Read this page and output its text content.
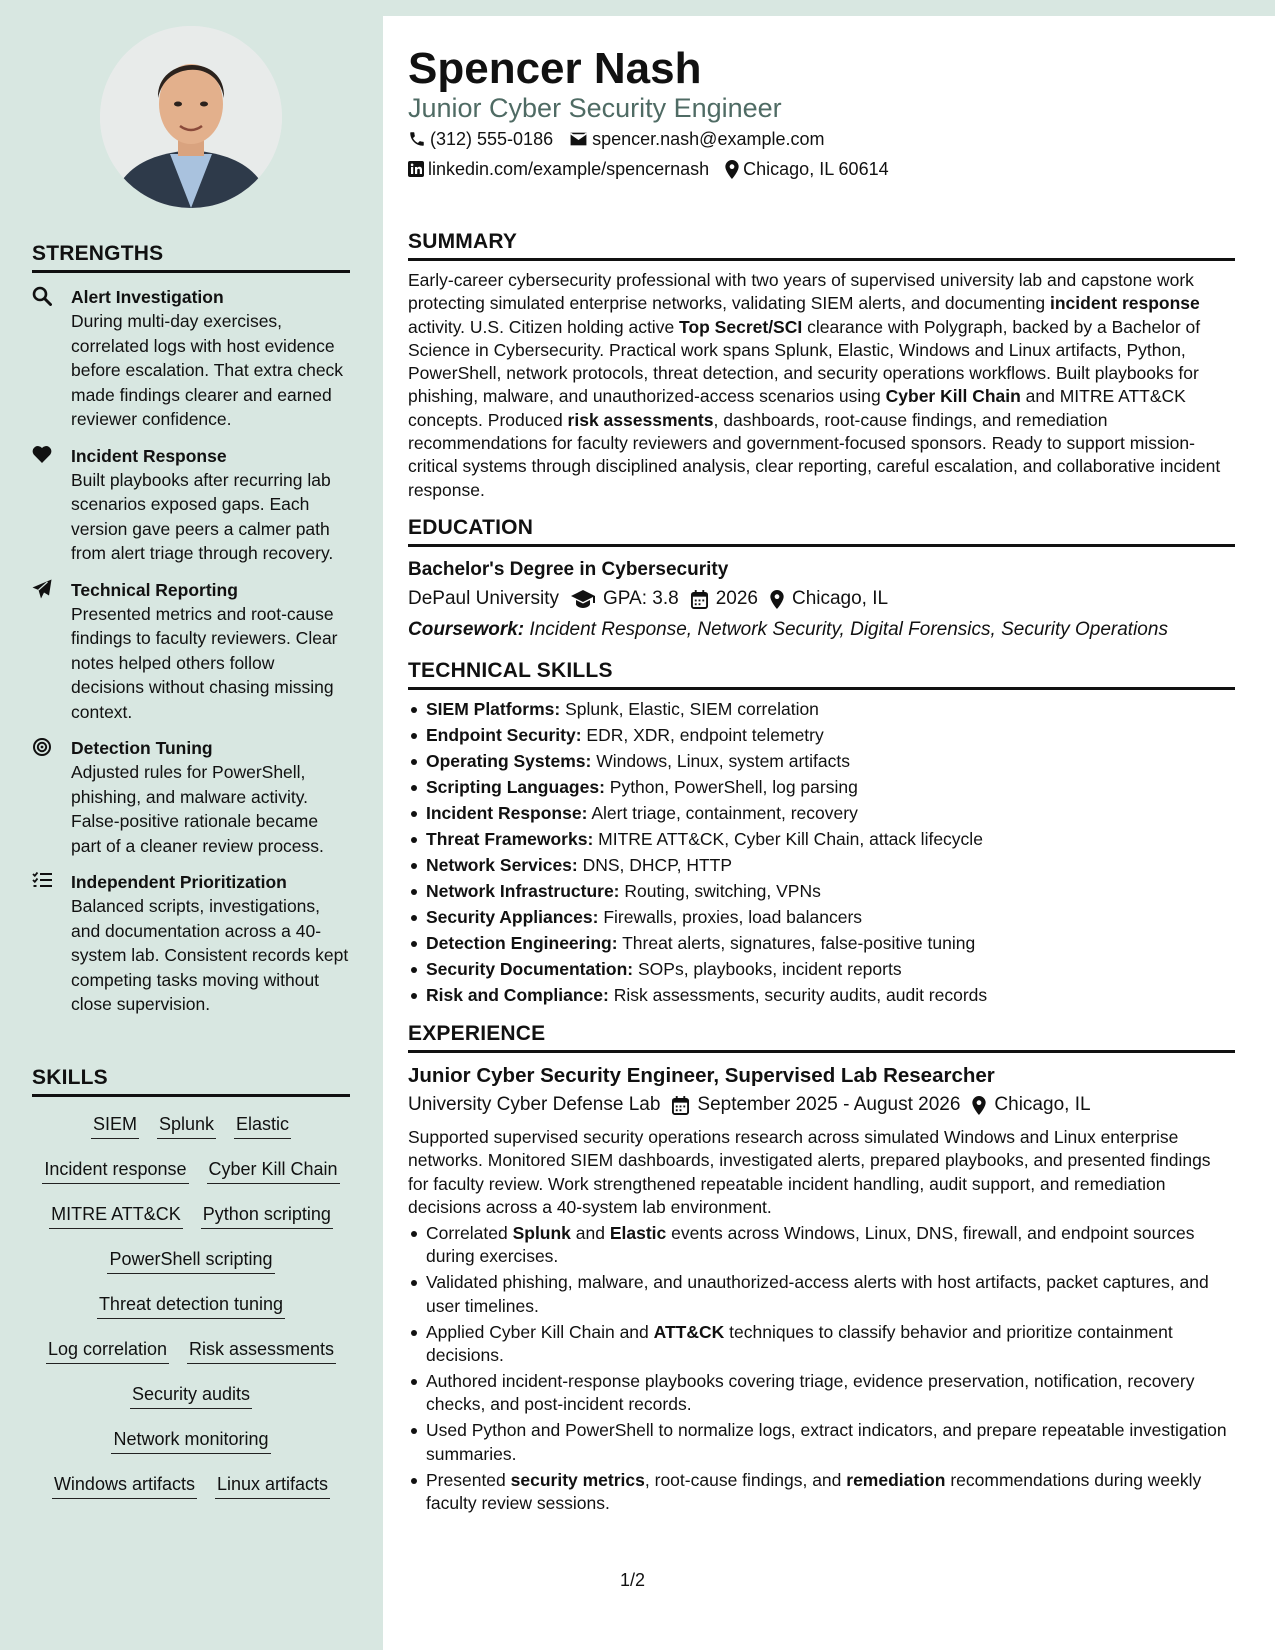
STRENGTHS
Alert Investigation
During multi-day exercises, correlated logs with host evidence before escalation. That extra check made findings clearer and earned reviewer confidence.
Incident Response
Built playbooks after recurring lab scenarios exposed gaps. Each version gave peers a calmer path from alert triage through recovery.
Technical Reporting
Presented metrics and root-cause findings to faculty reviewers. Clear notes helped others follow decisions without chasing missing context.
Detection Tuning
Adjusted rules for PowerShell, phishing, and malware activity. False-positive rationale became part of a cleaner review process.
Independent Prioritization
Balanced scripts, investigations, and documentation across a 40-system lab. Consistent records kept competing tasks moving without close supervision.
SKILLS
SIEM Splunk Elastic
Incident response Cyber Kill Chain
MITRE ATT&CK Python scripting
PowerShell scripting
Threat detection tuning
Log correlation Risk assessments
Security audits
Network monitoring
Windows artifacts Linux artifacts
Spencer Nash
Junior Cyber Security Engineer
(312) 555-0186 spencer.nash@example.com
linkedin.com/example/spencernash Chicago, IL 60614
SUMMARY

Early-career cybersecurity professional with two years of supervised university lab and capstone work protecting simulated enterprise networks, validating SIEM alerts, and documenting incident response activity. U.S. Citizen holding active Top Secret/SCI clearance with Polygraph, backed by a Bachelor of Science in Cybersecurity. Practical work spans Splunk, Elastic, Windows and Linux artifacts, Python, PowerShell, network protocols, threat detection, and security operations workflows. Built playbooks for phishing, malware, and unauthorized-access scenarios using Cyber Kill Chain and MITRE ATT&CK concepts. Produced risk assessments, dashboards, root-cause findings, and remediation recommendations for faculty reviewers and government-focused sponsors. Ready to support mission-critical systems through disciplined analysis, clear reporting, careful escalation, and collaborative incident response.

EDUCATION
Bachelor's Degree in Cybersecurity
DePaul University GPA: 3.8 2026 Chicago, IL
Coursework: Incident Response, Network Security, Digital Forensics, Security Operations
TECHNICAL SKILLS
SIEM Platforms: Splunk, Elastic, SIEM correlation
Endpoint Security: EDR, XDR, endpoint telemetry
Operating Systems: Windows, Linux, system artifacts
Scripting Languages: Python, PowerShell, log parsing
Incident Response: Alert triage, containment, recovery
Threat Frameworks: MITRE ATT&CK, Cyber Kill Chain, attack lifecycle
Network Services: DNS, DHCP, HTTP
Network Infrastructure: Routing, switching, VPNs
Security Appliances: Firewalls, proxies, load balancers
Detection Engineering: Threat alerts, signatures, false-positive tuning
Security Documentation: SOPs, playbooks, incident reports
Risk and Compliance: Risk assessments, security audits, audit records
EXPERIENCE
Junior Cyber Security Engineer, Supervised Lab Researcher
University Cyber Defense Lab September 2025 - August 2026 Chicago, IL

Supported supervised security operations research across simulated Windows and Linux enterprise networks. Monitored SIEM dashboards, investigated alerts, prepared playbooks, and presented findings for faculty review. Work strengthened repeatable incident handling, audit support, and remediation decisions across a 40-system lab environment.

Correlated Splunk and Elastic events across Windows, Linux, DNS, firewall, and endpoint sources during exercises.
Validated phishing, malware, and unauthorized-access alerts with host artifacts, packet captures, and user timelines.
Applied Cyber Kill Chain and ATT&CK techniques to classify behavior and prioritize containment decisions.
Authored incident-response playbooks covering triage, evidence preservation, notification, recovery checks, and post-incident records.
Used Python and PowerShell to normalize logs, extract indicators, and prepare repeatable investigation summaries.
Presented security metrics, root-cause findings, and remediation recommendations during weekly faculty review sessions.
1/2
